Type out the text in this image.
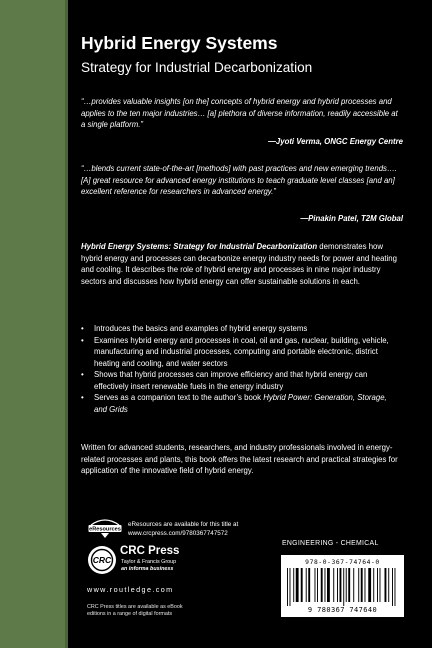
Hybrid Energy Systems
Strategy for Industrial Decarbonization
“…provides valuable insights [on the] concepts of hybrid energy and hybrid processes and applies to the ten major industries… [a] plethora of diverse information, readily accessible at a single platform.”
—Jyoti Verma, ONGC Energy Centre
“…blends current state-of-the-art [methods] with past practices and new emerging trends….[A] great resource for advanced energy institutions to teach graduate level classes [and an] excellent reference for researchers in advanced energy.”
—Pinakin Patel, T2M Global
Hybrid Energy Systems: Strategy for Industrial Decarbonization demonstrates how hybrid energy and processes can decarbonize energy industry needs for power and heating and cooling. It describes the role of hybrid energy and processes in nine major industry sectors and discusses how hybrid energy can offer sustainable solutions in each.
• Introduces the basics and examples of hybrid energy systems
• Examines hybrid energy and processes in coal, oil and gas, nuclear, building, vehicle, manufacturing and industrial processes, computing and portable electronic, district heating and cooling, and water sectors
• Shows that hybrid processes can improve efficiency and that hybrid energy can effectively insert renewable fuels in the energy industry
• Serves as a companion text to the author’s book Hybrid Power: Generation, Storage, and Grids
Written for advanced students, researchers, and industry professionals involved in energy-related processes and plants, this book offers the latest research and practical strategies for application of the innovative field of hybrid energy.
eResources
eResources are available for this title at
www.crcpress.com/9780367747572
CRC
CRC Press
Taylor & Francis Group
an informa business
www.routledge.com
CRC Press titles are available as eBook
editions in a range of digital formats
ENGINEERING - CHEMICAL
978-0-367-74764-0
9 780367 747640
